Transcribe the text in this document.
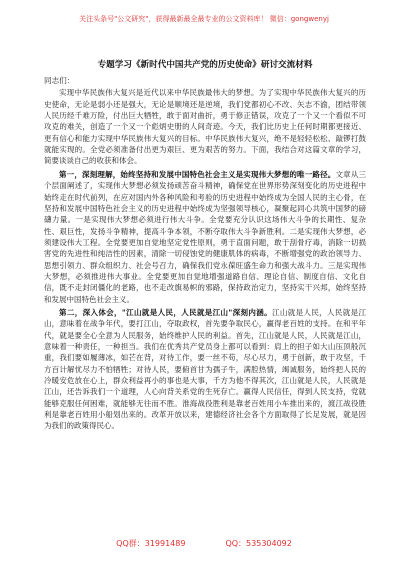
关注头条号"公文研究"，获得最新最全最专业的公文资料库！ 微信：gongwenyj
专题学习《新时代中国共产党的历史使命》研讨交流材料
同志们：

实现中华民族伟大复兴是近代以来中华民族最伟大的梦想。为了实现中华民族伟大复兴的历史使命，无论是弱小还是强大，无论是顺境还是逆境，我们党都初心不改、矢志不渝，团结带领人民历经千难万险，付出巨大牺牲，敢于面对曲折，勇于修正错误，攻克了一个又一个看似不可攻克的难关，创造了一个又一个彪炳史册的人间奇迹。今天，我们比历史上任何时期都更接近、更有信心和能力实现中华民族伟大复兴的目标。中华民族伟大复兴，绝不是轻轻松松、敲锣打鼓就能实现的。全党必须准备付出更为艰巨、更为艰苦的努力。下面，我结合对这篇文章的学习，简要谈谈自己的收获和体会。

第一，深刻理解，始终坚持和发展中国特色社会主义是实现伟大梦想的唯一路径。文章从三个层面阐述了，实现伟大梦想必须发扬顽苦奋斗精神，确保党在世界形势深刻变化的历史进程中始终走在时代前列，在应对国内外各种风险和考验的历史进程中始终成为全国人民的主心骨，在坚持和发展中国特色社会主义的历史进程中始终成为坚强领导核心，凝聚起同心共筑中国梦的磅礴力量。一是实现伟大梦想必须进行伟大斗争。全党要充分认识这场伟大斗争的长期性、复杂性、艰巨性，发扬斗争精神，提高斗争本领，不断夺取伟大斗争新胜利。二是实现伟大梦想，必须建设伟大工程。全党要更加自觉地坚定党性原则，勇于直面问题，敢于刮骨疗毒，消除一切损害党的先进性和纯洁性的因素，清除一切侵蚀党的健康肌体的病毒，不断增强党的政治领导力、思想引领力、群众组织力、社会号召力，确保我们党永葆旺盛生命力和强大战斗力。三是实现伟大梦想，必须推进伟大事业。全党要更加自觉地增强道路自信、理论自信、制度自信、文化自信，既不走封闭僵化的老路，也不走改旗易帜的邪路，保持政治定力，坚持实干兴邦，始终坚持和发展中国特色社会主义。

第二，深入体会，"江山就是人民，人民就是江山"深刻内涵。江山就是人民，人民就是江山，意味着在战争年代，要打江山，夺取政权，首先要争取民心，赢得老百姓的支持。在和平年代，就是要全心全意为人民服务，始终维护人民的利益。首先，江山就是人民，人民就是江山，意味着一种责任，一种担当。我们在优秀共产党员身上都可以看到：肩上的担子如大山压顶般沉重，我们要如履薄冰，如芒在背，对待工作，要一丝不苟，尽心尽力，勇于创新，敢于攻坚，千方百计解忧尽力不怕牺牲；对待人民，要俯首甘为孺子牛，满腔热情，竭诚服务，始终把人民的冷暖安危放在心上，群众利益再小的事也是大事，千方为他不得其次，江山就是人民，人民就是江山，还告诉我们一个道理，人心向背关系党的生死存亡。赢得人民信任，得到人民支持，党就能够克服任何困难，就能够无往而不胜。淮海战役胜利是靠老百姓用小车推出来的，渡江战役胜利是靠老百姓用小船划出来的。改革开放以来，建德经济社会各个方面取得了长足发展，就是因为我们的政策得民心。

QQ群：31991489	QQ：535304092
